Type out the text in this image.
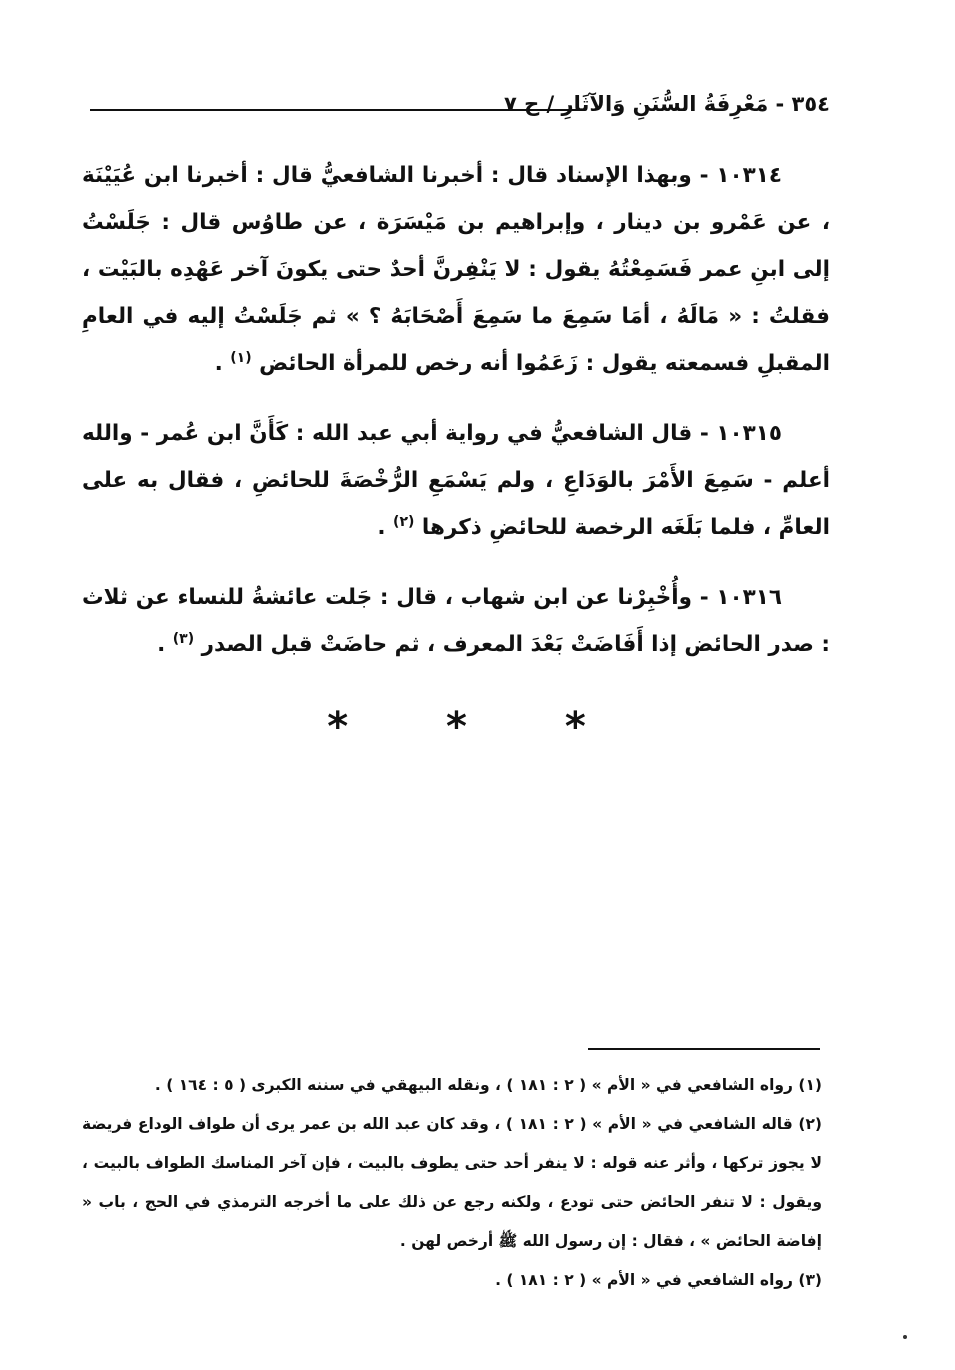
٣٥٤ - مَعْرِفَةُ السُّنَنِ وَالآثَارِ / ج ٧

١٠٣١٤ - وبهذا الإسناد قال : أخبرنا الشافعيُّ قال : أخبرنا ابن عُيَيْنَة ، عن عَمْرو بن دينار ، وإبراهيم بن مَيْسَرَة ، عن طاوُس قال : جَلَسْتُ إلى ابنِ عمر فَسَمِعْتُهُ يقول : لا يَنْفِرنَّ أحدٌ حتى يكونَ آخر عَهْدِه بالبَيْت ، فقلتُ : « مَالَهُ ، أمَا سَمِعَ ما سَمِعَ أَصْحَابَهُ ؟ » ثم جَلَسْتُ إليه في العامِ المقبلِ فسمعته يقول : زَعَمُوا أنه رخص للمرأة الحائض $^{(١)}$ .

١٠٣١٥ - قال الشافعيُّ في رواية أبي عبد الله : كَأَنَّ ابن عُمر - والله أعلم - سَمِعَ الأَمْرَ بالوَدَاعِ ، ولم يَسْمَعِ الرُّخْصَةَ للحائضِ ، فقال به على العامِّ ، فلما بَلَغَه الرخصة للحائضِ ذكرها $^{(٢)}$ .

١٠٣١٦ - وأُخْبِرْنا عن ابن شهاب ، قال : جَلت عائشةُ للنساء عن ثلاث : صدر الحائض إذا أَفَاضَتْ بَعْدَ المعرف ، ثم حاضَتْ قبل الصدر $^{(٣)}$ .

* * *

(١) رواه الشافعي في « الأم » ( ٢ : ١٨١ ) ، ونقله البيهقي في سننه الكبرى ( ٥ : ١٦٤ ) .

(٢) قاله الشافعي في « الأم » ( ٢ : ١٨١ ) ، وقد كان عبد الله بن عمر يرى أن طواف الوداع فريضة لا يجوز تركها ، وأثر عنه قوله : لا ينفر أحد حتى يطوف بالبيت ، فإن آخر المناسك الطواف بالبيت ، ويقول : لا تنفر الحائض حتى تودع ، ولكنه رجع عن ذلك على ما أخرجه الترمذي في الحج ، باب « إفاضة الحائض » ، فقال : إن رسول الله ﷺ أرخص لهن .

(٣) رواه الشافعي في « الأم » ( ٢ : ١٨١ ) .
